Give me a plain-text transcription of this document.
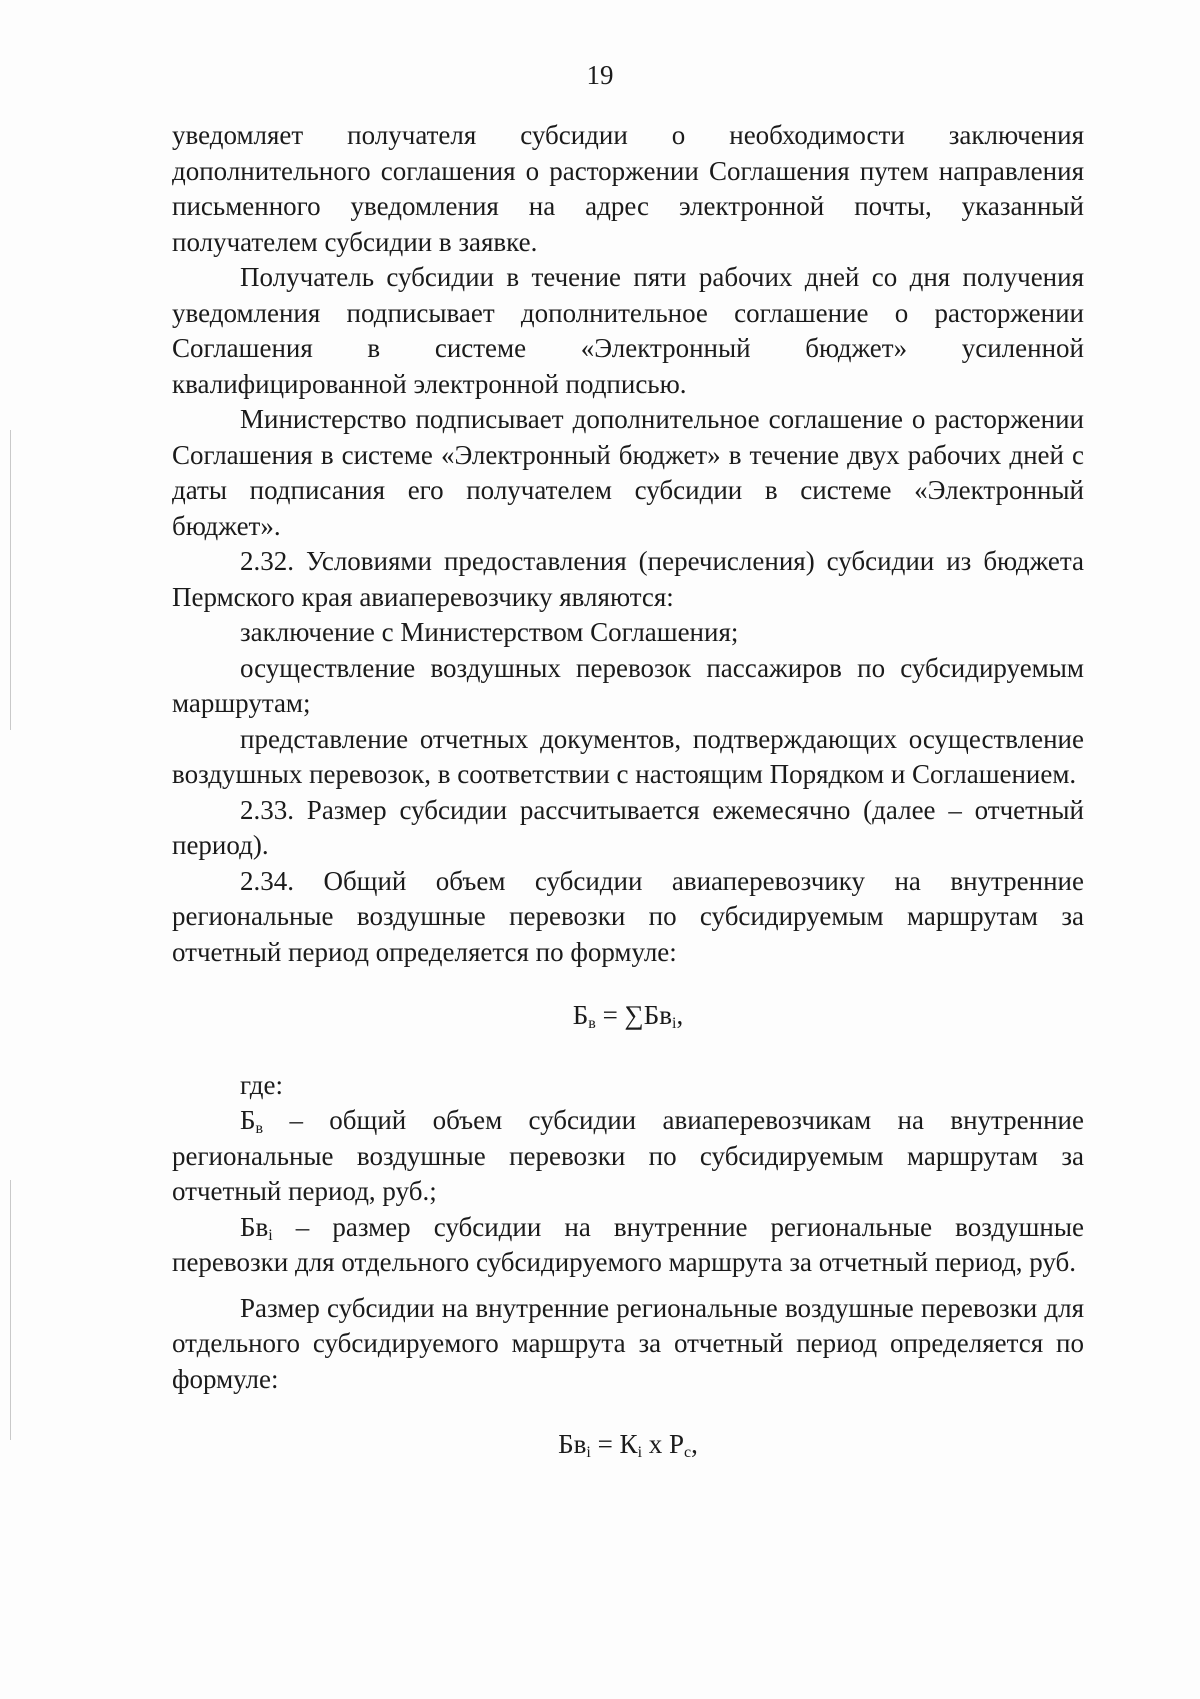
19

уведомляет получателя субсидии о необходимости заключения дополнительного соглашения о расторжении Соглашения путем направления письменного уведомления на адрес электронной почты, указанный получателем субсидии в заявке.

Получатель субсидии в течение пяти рабочих дней со дня получения уведомления подписывает дополнительное соглашение о расторжении Соглашения в системе «Электронный бюджет» усиленной квалифицированной электронной подписью.

Министерство подписывает дополнительное соглашение о расторжении Соглашения в системе «Электронный бюджет» в течение двух рабочих дней с даты подписания его получателем субсидии в системе «Электронный бюджет».

2.32. Условиями предоставления (перечисления) субсидии из бюджета Пермского края авиаперевозчику являются:

заключение с Министерством Соглашения;

осуществление воздушных перевозок пассажиров по субсидируемым маршрутам;

представление отчетных документов, подтверждающих осуществление воздушных перевозок, в соответствии с настоящим Порядком и Соглашением.

2.33. Размер субсидии рассчитывается ежемесячно (далее – отчетный период).

2.34. Общий объем субсидии авиаперевозчику на внутренние региональные воздушные перевозки по субсидируемым маршрутам за отчетный период определяется по формуле:

$Б_в = \sum Бв_i$,

где:

$Б_в$ – общий объем субсидии авиаперевозчикам на внутренние региональные воздушные перевозки по субсидируемым маршрутам за отчетный период, руб.;

$Бв_i$ – размер субсидии на внутренние региональные воздушные перевозки для отдельного субсидируемого маршрута за отчетный период, руб.

Размер субсидии на внутренние региональные воздушные перевозки для отдельного субсидируемого маршрута за отчетный период определяется по формуле:

$Бв_i = К_i$ х $Р_с$,
